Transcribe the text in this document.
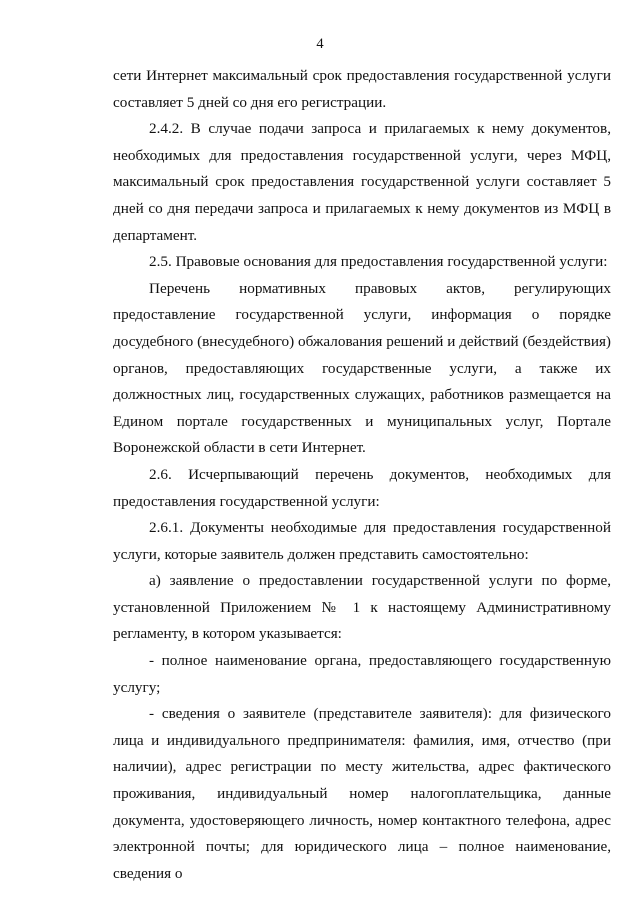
4

сети Интернет максимальный срок предоставления государственной услуги составляет 5 дней со дня его регистрации.

2.4.2. В случае подачи запроса и прилагаемых к нему документов, необходимых для предоставления государственной услуги, через МФЦ, максимальный срок предоставления государственной услуги составляет 5 дней со дня передачи запроса и прилагаемых к нему документов из МФЦ в департамент.

2.5. Правовые основания для предоставления государственной услуги:

Перечень нормативных правовых актов, регулирующих предоставление государственной услуги, информация о порядке досудебного (внесудебного) обжалования решений и действий (бездействия) органов, предоставляющих государственные услуги, а также их должностных лиц, государственных служащих, работников размещается на Едином портале государственных и муниципальных услуг, Портале Воронежской области в сети Интернет.

2.6. Исчерпывающий перечень документов, необходимых для предоставления государственной услуги:

2.6.1. Документы необходимые для предоставления государственной услуги, которые заявитель должен представить самостоятельно:

а) заявление о предоставлении государственной услуги по форме, установленной Приложением № 1 к настоящему Административному регламенту, в котором указывается:

- полное наименование органа, предоставляющего государственную услугу;

- сведения о заявителе (представителе заявителя): для физического лица и индивидуального предпринимателя: фамилия, имя, отчество (при наличии), адрес регистрации по месту жительства, адрес фактического проживания, индивидуальный номер налогоплательщика, данные документа, удостоверяющего личность, номер контактного телефона, адрес электронной почты; для юридического лица – полное наименование, сведения о
